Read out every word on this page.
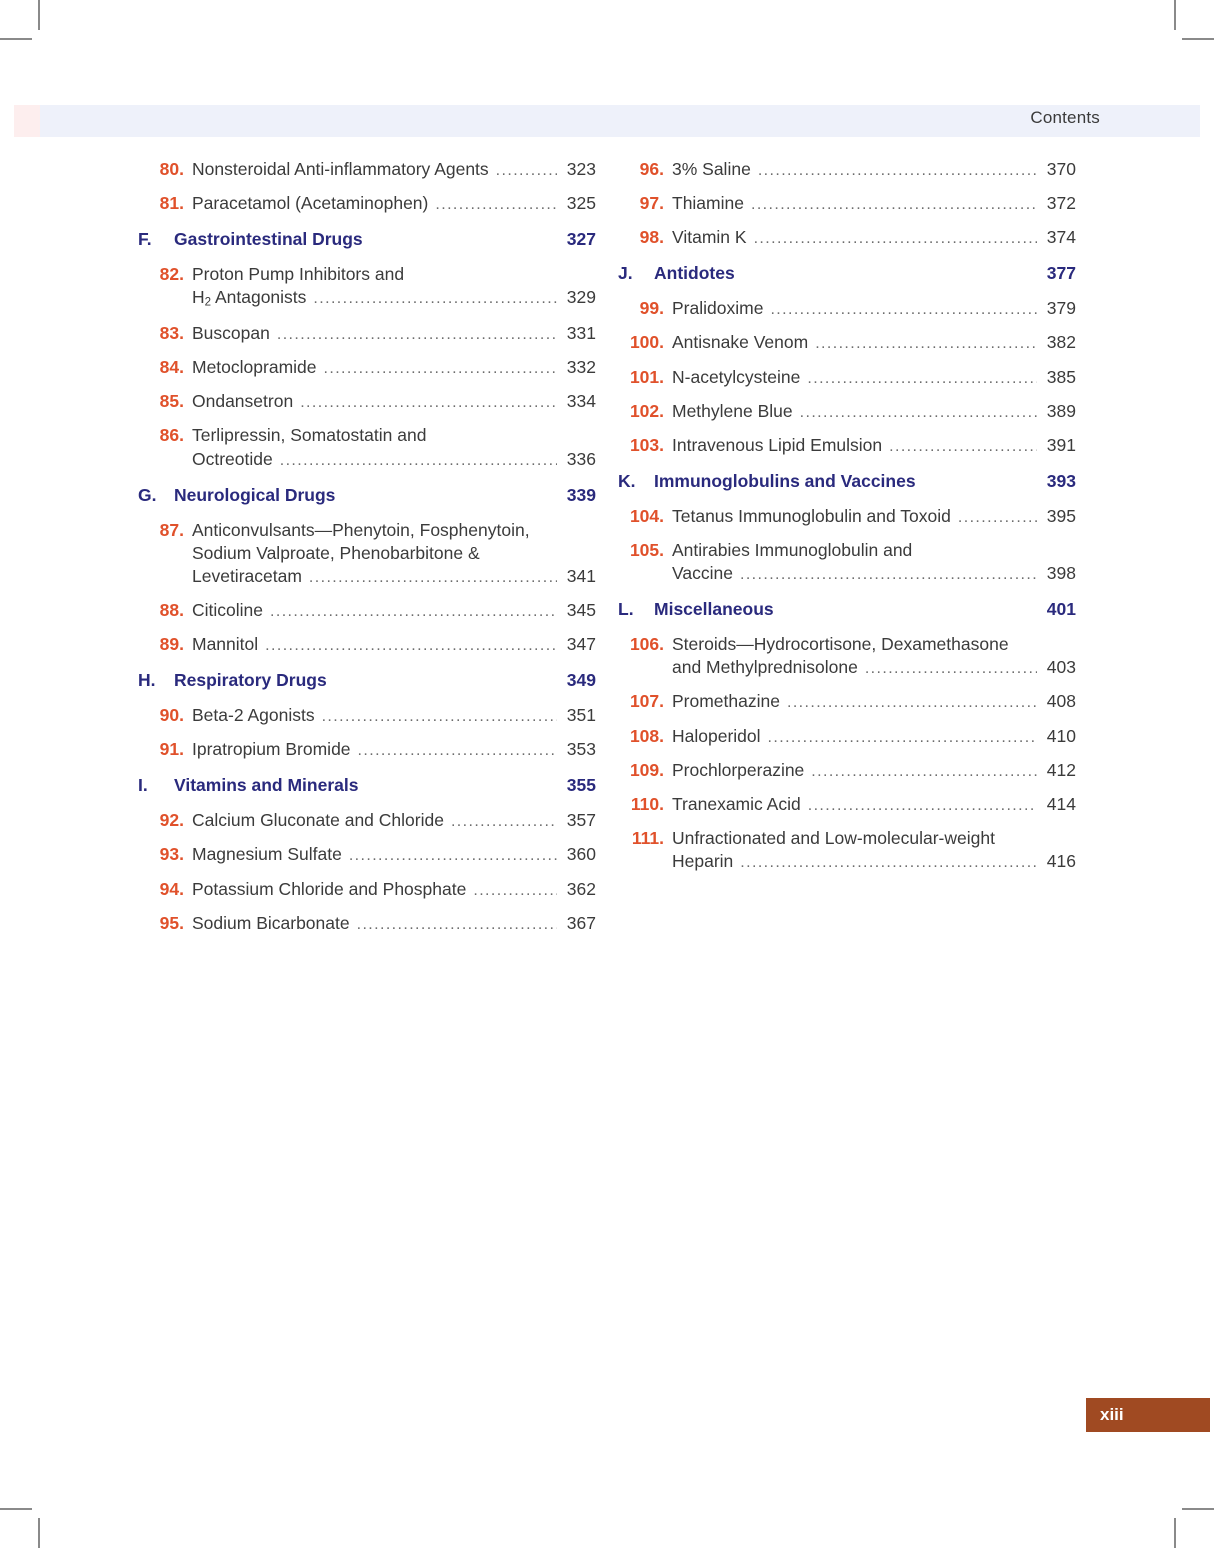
Contents
80. Nonsteroidal Anti-inflammatory Agents .....	323
81. Paracetamol (Acetaminophen) .....	325
F.	Gastrointestinal Drugs	327
82. Proton Pump Inhibitors and
$H_2$ Antagonists .....	329
83. Buscopan .....	331
84. Metoclopramide .....	332
85. Ondansetron .....	334
86. Terlipressin, Somatostatin and
Octreotide .....	336
G.	Neurological Drugs	339
87. Anticonvulsants—Phenytoin, Fosphenytoin,
Sodium Valproate, Phenobarbitone &
Levetiracetam .....	341
88. Citicoline .....	345
89. Mannitol .....	347
H.	Respiratory Drugs	349
90. Beta-2 Agonists .....	351
91. Ipratropium Bromide .....	353
I.	Vitamins and Minerals	355
92. Calcium Gluconate and Chloride .....	357
93. Magnesium Sulfate .....	360
94. Potassium Chloride and Phosphate .....	362
95. Sodium Bicarbonate .....	367
96. 3% Saline .....	370
97. Thiamine .....	372
98. Vitamin K .....	374
J.	Antidotes	377
99. Pralidoxime .....	379
100. Antisnake Venom .....	382
101. N-acetylcysteine .....	385
102. Methylene Blue .....	389
103. Intravenous Lipid Emulsion .....	391
K.	Immunoglobulins and Vaccines	393
104. Tetanus Immunoglobulin and Toxoid .....	395
105. Antirabies Immunoglobulin and
Vaccine .....	398
L.	Miscellaneous	401
106. Steroids—Hydrocortisone, Dexamethasone
and Methylprednisolone .....	403
107. Promethazine .....	408
108. Haloperidol .....	410
109. Prochlorperazine .....	412
110. Tranexamic Acid .....	414
111. Unfractionated and Low-molecular-weight
Heparin .....	416
xiii
